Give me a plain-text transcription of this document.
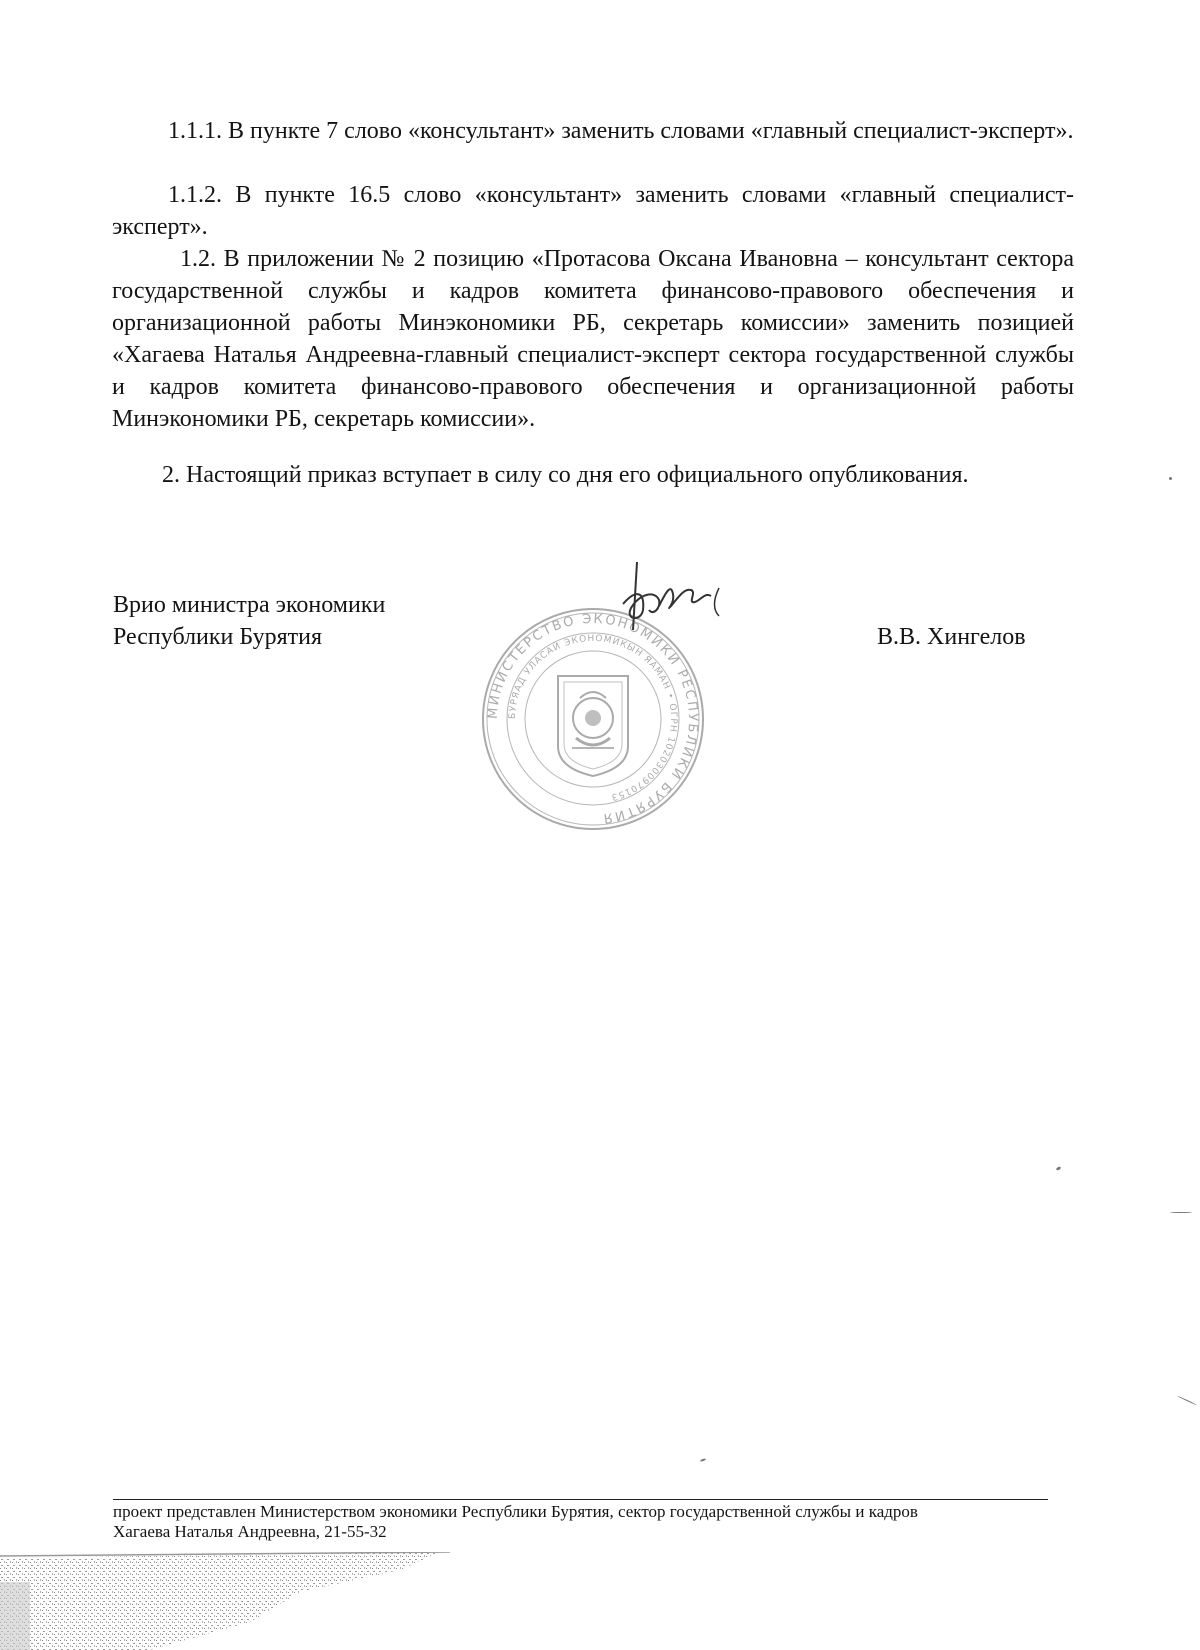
1.1.1. В пункте 7 слово «консультант» заменить словами «главный специалист-эксперт».

1.1.2. В пункте 16.5 слово «консультант» заменить словами «главный специалист-эксперт».

1.2. В приложении № 2 позицию «Протасова Оксана Ивановна – консультант сектора государственной службы и кадров комитета финансово-правового обеспечения и организационной работы Минэкономики РБ, секретарь комиссии» заменить позицией «Хагаева Наталья Андреевна-главный специалист-эксперт сектора государственной службы и кадров комитета финансово-правового обеспечения и организационной работы Минэкономики РБ, секретарь комиссии».

2. Настоящий приказ вступает в силу со дня его официального опубликования.

Врио министра экономики
Республики Бурятия	В.В. Хингелов
МИНИСТЕРСТВО ЭКОНОМИКИ РЕСПУБЛИКИ БУРЯТИЯ
БУРЯАД УЛАСАЙ ЭКОНОМИКЫН ЯАМАН • ОГРН 1020300970153
проект представлен Министерством экономики Республики Бурятия, сектор государственной службы и кадров
Хагаева Наталья Андреевна, 21-55-32
